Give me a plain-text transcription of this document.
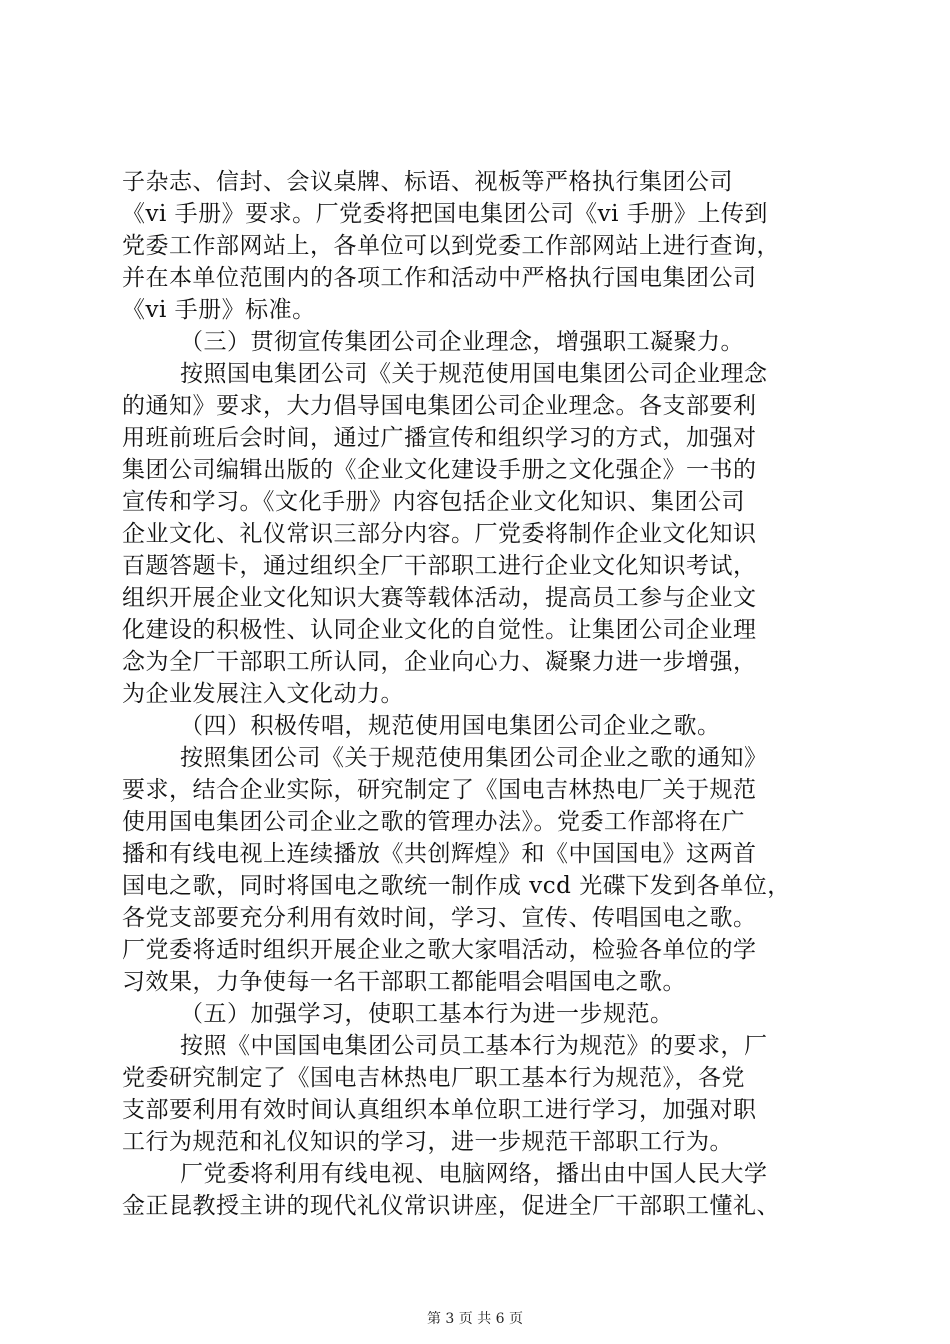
子杂志、信封、会议桌牌、标语、视板等严格执行集团公司
《vi 手册》要求。厂党委将把国电集团公司《vi 手册》上传到
党委工作部网站上，各单位可以到党委工作部网站上进行查询，
并在本单位范围内的各项工作和活动中严格执行国电集团公司
《vi 手册》标准。
（三）贯彻宣传集团公司企业理念，增强职工凝聚力。
按照国电集团公司《关于规范使用国电集团公司企业理念
的通知》要求，大力倡导国电集团公司企业理念。各支部要利
用班前班后会时间，通过广播宣传和组织学习的方式，加强对
集团公司编辑出版的《企业文化建设手册之文化强企》一书的
宣传和学习。《文化手册》内容包括企业文化知识、集团公司
企业文化、礼仪常识三部分内容。厂党委将制作企业文化知识
百题答题卡，通过组织全厂干部职工进行企业文化知识考试，
组织开展企业文化知识大赛等载体活动，提高员工参与企业文
化建设的积极性、认同企业文化的自觉性。让集团公司企业理
念为全厂干部职工所认同，企业向心力、凝聚力进一步增强，
为企业发展注入文化动力。
（四）积极传唱，规范使用国电集团公司企业之歌。
按照集团公司《关于规范使用集团公司企业之歌的通知》
要求，结合企业实际，研究制定了《国电吉林热电厂关于规范
使用国电集团公司企业之歌的管理办法》。党委工作部将在广
播和有线电视上连续播放《共创辉煌》和《中国国电》这两首
国电之歌，同时将国电之歌统一制作成 vcd 光碟下发到各单位，
各党支部要充分利用有效时间，学习、宣传、传唱国电之歌。
厂党委将适时组织开展企业之歌大家唱活动，检验各单位的学
习效果，力争使每一名干部职工都能唱会唱国电之歌。
（五）加强学习，使职工基本行为进一步规范。
按照《中国国电集团公司员工基本行为规范》的要求，厂
党委研究制定了《国电吉林热电厂职工基本行为规范》，各党
支部要利用有效时间认真组织本单位职工进行学习，加强对职
工行为规范和礼仪知识的学习，进一步规范干部职工行为。
厂党委将利用有线电视、电脑网络，播出由中国人民大学
金正昆教授主讲的现代礼仪常识讲座，促进全厂干部职工懂礼、
第 3 页 共 6 页
